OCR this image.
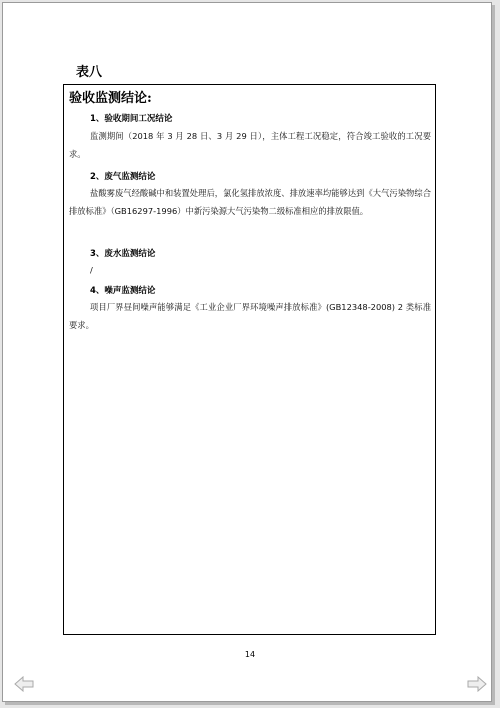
表八
验收监测结论:
1、验收期间工况结论
监测期间（2018 年 3 月 28 日、3 月 29 日），主体工程工况稳定，符合竣工验收的工况要求。
2、废气监测结论
盐酸雾废气经酸碱中和装置处理后，氯化氢排放浓度、排放速率均能够达到《大气污染物综合排放标准》（GB16297-1996）中新污染源大气污染物二级标准相应的排放限值。
3、废水监测结论
/
4、噪声监测结论
项目厂界昼间噪声能够满足《工业企业厂界环境噪声排放标准》(GB12348-2008) 2 类标准要求。
14
